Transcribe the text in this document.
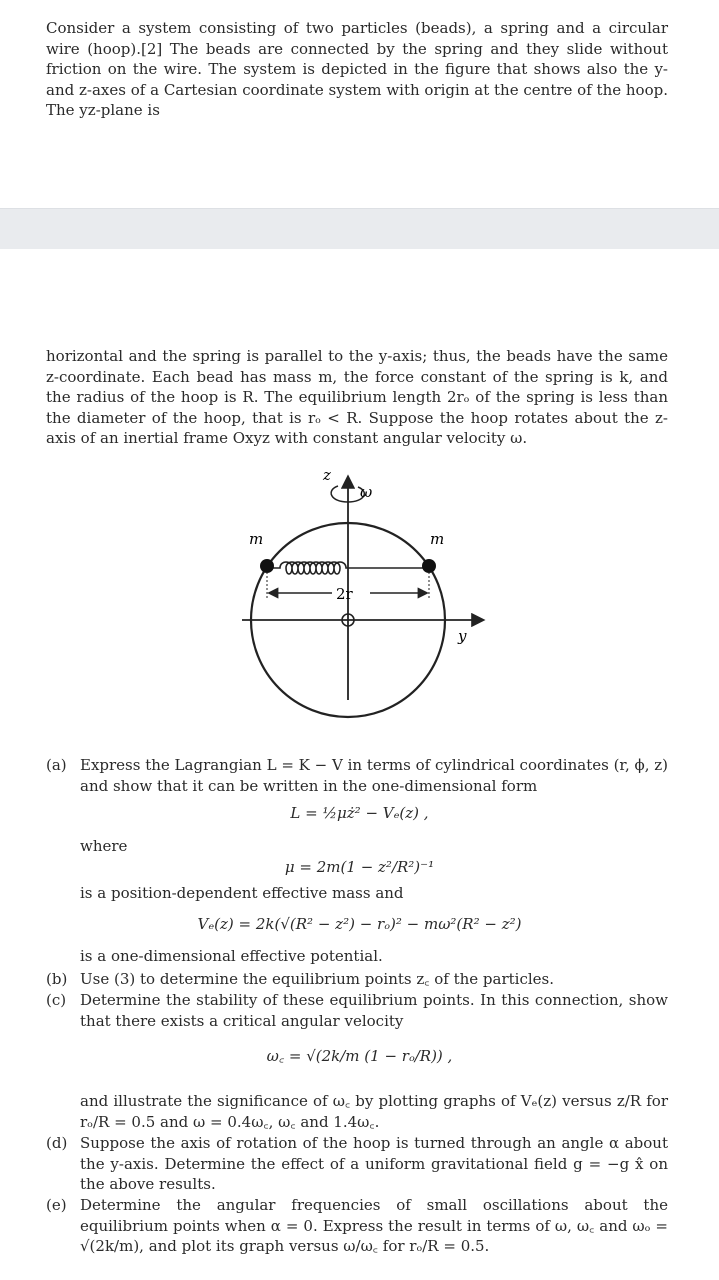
Consider a system consisting of two particles (beads), a spring and a circular wire (hoop).[2] The beads are connected by the spring and they slide without friction on the wire. The system is depicted in the figure that shows also the y- and z-axes of a Cartesian coordinate system with origin at the centre of the hoop. The yz-plane is
horizontal and the spring is parallel to the y-axis; thus, the beads have the same z-coordinate. Each bead has mass m, the force constant of the spring is k, and the radius of the hoop is R. The equilibrium length 2rₒ of the spring is less than the diameter of the hoop, that is rₒ < R. Suppose the hoop rotates about the z-axis of an inertial frame Oxyz with constant angular velocity ω.
z
ω
y
m	m
2r
(a) Express the Lagrangian L = K − V in terms of cylindrical coordinates (r, ϕ, z) and show that it can be written in the one-dimensional form
L = ½μż² − Vₑ(z) ,
where
μ = 2m(1 − z²/R²)⁻¹
is a position-dependent effective mass and
Vₑ(z) = 2k(√(R² − z²) − rₒ)² − mω²(R² − z²)
is a one-dimensional effective potential.
(b) Use (3) to determine the equilibrium points z꜀ of the particles.
(c) Determine the stability of these equilibrium points. In this connection, show that there exists a critical angular velocity
ω꜀ = √(2k/m (1 − rₒ/R)) ,
and illustrate the significance of ω꜀ by plotting graphs of Vₑ(z) versus z/R for rₒ/R = 0.5 and ω = 0.4ω꜀, ω꜀ and 1.4ω꜀.
(d) Suppose the axis of rotation of the hoop is turned through an angle α about the y-axis. Determine the effect of a uniform gravitational field g = −g x̂ on the above results.
(e) Determine the angular frequencies of small oscillations about the equilibrium points when α = 0. Express the result in terms of ω, ω꜀ and ωₒ = √(2k/m), and plot its graph versus ω/ω꜀ for rₒ/R = 0.5.
